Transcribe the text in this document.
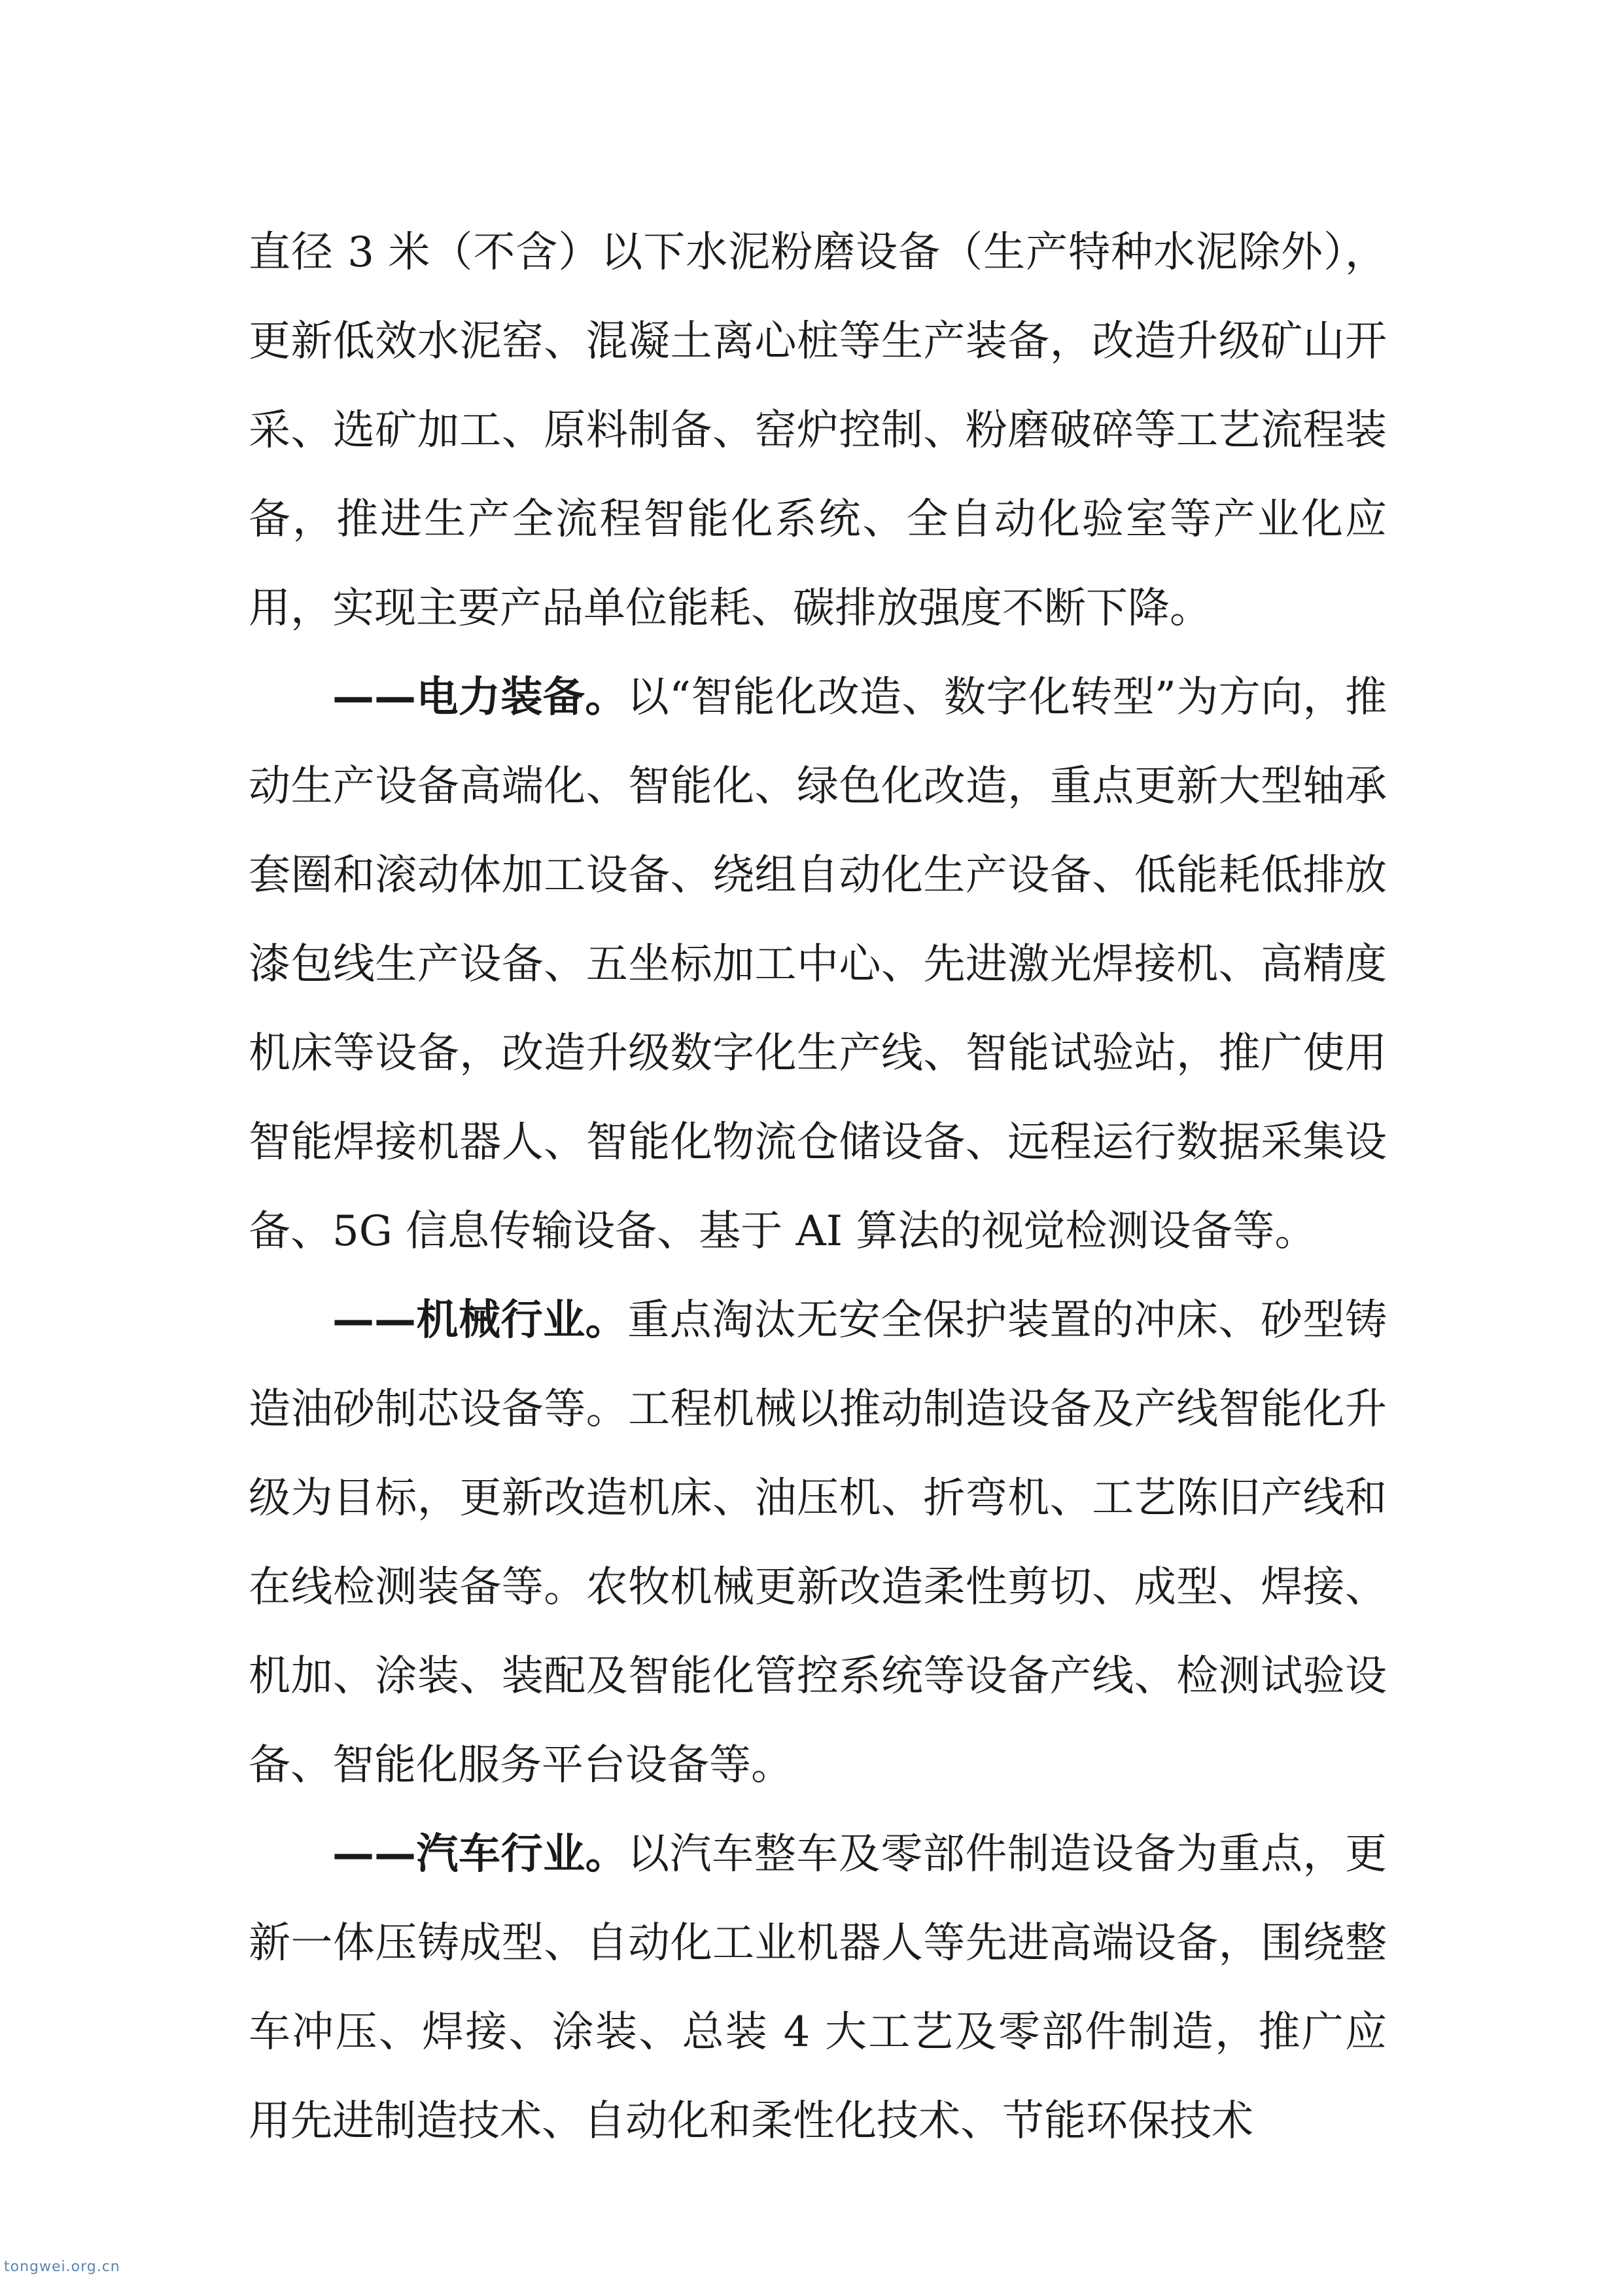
直径 3 米（不含）以下水泥粉磨设备（生产特种水泥除外），更新低效水泥窑、混凝土离心桩等生产装备，改造升级矿山开采、选矿加工、原料制备、窑炉控制、粉磨破碎等工艺流程装备，推进生产全流程智能化系统、全自动化验室等产业化应用，实现主要产品单位能耗、碳排放强度不断下降。

——电力装备。以“智能化改造、数字化转型”为方向，推动生产设备高端化、智能化、绿色化改造，重点更新大型轴承套圈和滚动体加工设备、绕组自动化生产设备、低能耗低排放漆包线生产设备、五坐标加工中心、先进激光焊接机、高精度机床等设备，改造升级数字化生产线、智能试验站，推广使用智能焊接机器人、智能化物流仓储设备、远程运行数据采集设备、5G 信息传输设备、基于 AI 算法的视觉检测设备等。

——机械行业。重点淘汰无安全保护装置的冲床、砂型铸造油砂制芯设备等。工程机械以推动制造设备及产线智能化升级为目标，更新改造机床、油压机、折弯机、工艺陈旧产线和在线检测装备等。农牧机械更新改造柔性剪切、成型、焊接、机加、涂装、装配及智能化管控系统等设备产线、检测试验设备、智能化服务平台设备等。

——汽车行业。以汽车整车及零部件制造设备为重点，更新一体压铸成型、自动化工业机器人等先进高端设备，围绕整车冲压、焊接、涂装、总装 4 大工艺及零部件制造，推广应用先进制造技术、自动化和柔性化技术、节能环保技术

tongwei.org.cn
